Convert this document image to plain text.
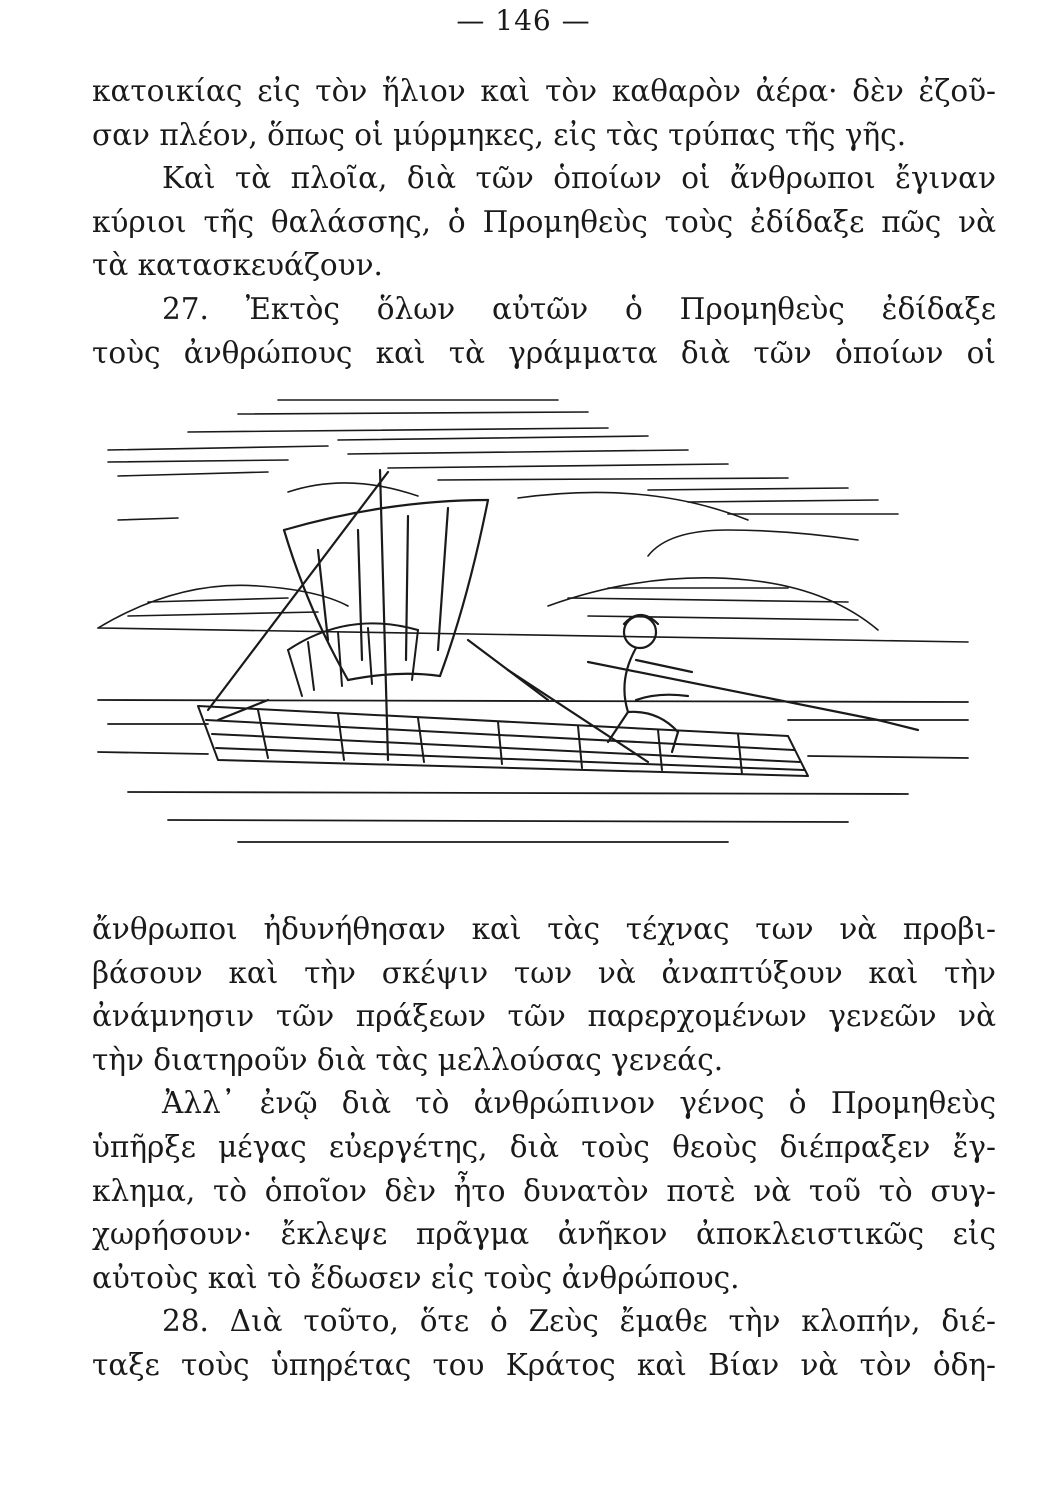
— 146 —
κατοικίας εἰς τὸν ἥλιον καὶ τὸν καθαρὸν ἀέρα· δὲν ἐζοῦ-
σαν πλέον, ὅπως οἱ μύρμηκες, εἰς τὰς τρύπας τῆς γῆς.
Καὶ τὰ πλοῖα, διὰ τῶν ὁποίων οἱ ἄνθρωποι ἔγιναν
κύριοι τῆς θαλάσσης, ὁ Προμηθεὺς τοὺς ἐδίδαξε πῶς νὰ
τὰ κατασκευάζουν.
27. Ἐκτὸς ὅλων αὐτῶν ὁ Προμηθεὺς ἐδίδαξε
τοὺς ἀνθρώπους καὶ τὰ γράμματα διὰ τῶν ὁποίων οἱ
ἄνθρωποι ἠδυνήθησαν καὶ τὰς τέχνας των νὰ προβι-
βάσουν καὶ τὴν σκέψιν των νὰ ἀναπτύξουν καὶ τὴν
ἀνάμνησιν τῶν πράξεων τῶν παρερχομένων γενεῶν νὰ
τὴν διατηροῦν διὰ τὰς μελλούσας γενεάς.
Ἀλλ᾽ ἐνῷ διὰ τὸ ἀνθρώπινον γένος ὁ Προμηθεὺς
ὑπῆρξε μέγας εὐεργέτης, διὰ τοὺς θεοὺς διέπραξεν ἔγ-
κλημα, τὸ ὁποῖον δὲν ἦτο δυνατὸν ποτὲ νὰ τοῦ τὸ συγ-
χωρήσουν· ἔκλεψε πρᾶγμα ἀνῆκον ἀποκλειστικῶς εἰς
αὐτοὺς καὶ τὸ ἔδωσεν εἰς τοὺς ἀνθρώπους.
28. Διὰ τοῦτο, ὅτε ὁ Ζεὺς ἔμαθε τὴν κλοπήν, διέ-
ταξε τοὺς ὑπηρέτας του Κράτος καὶ Βίαν νὰ τὸν ὁδη-
